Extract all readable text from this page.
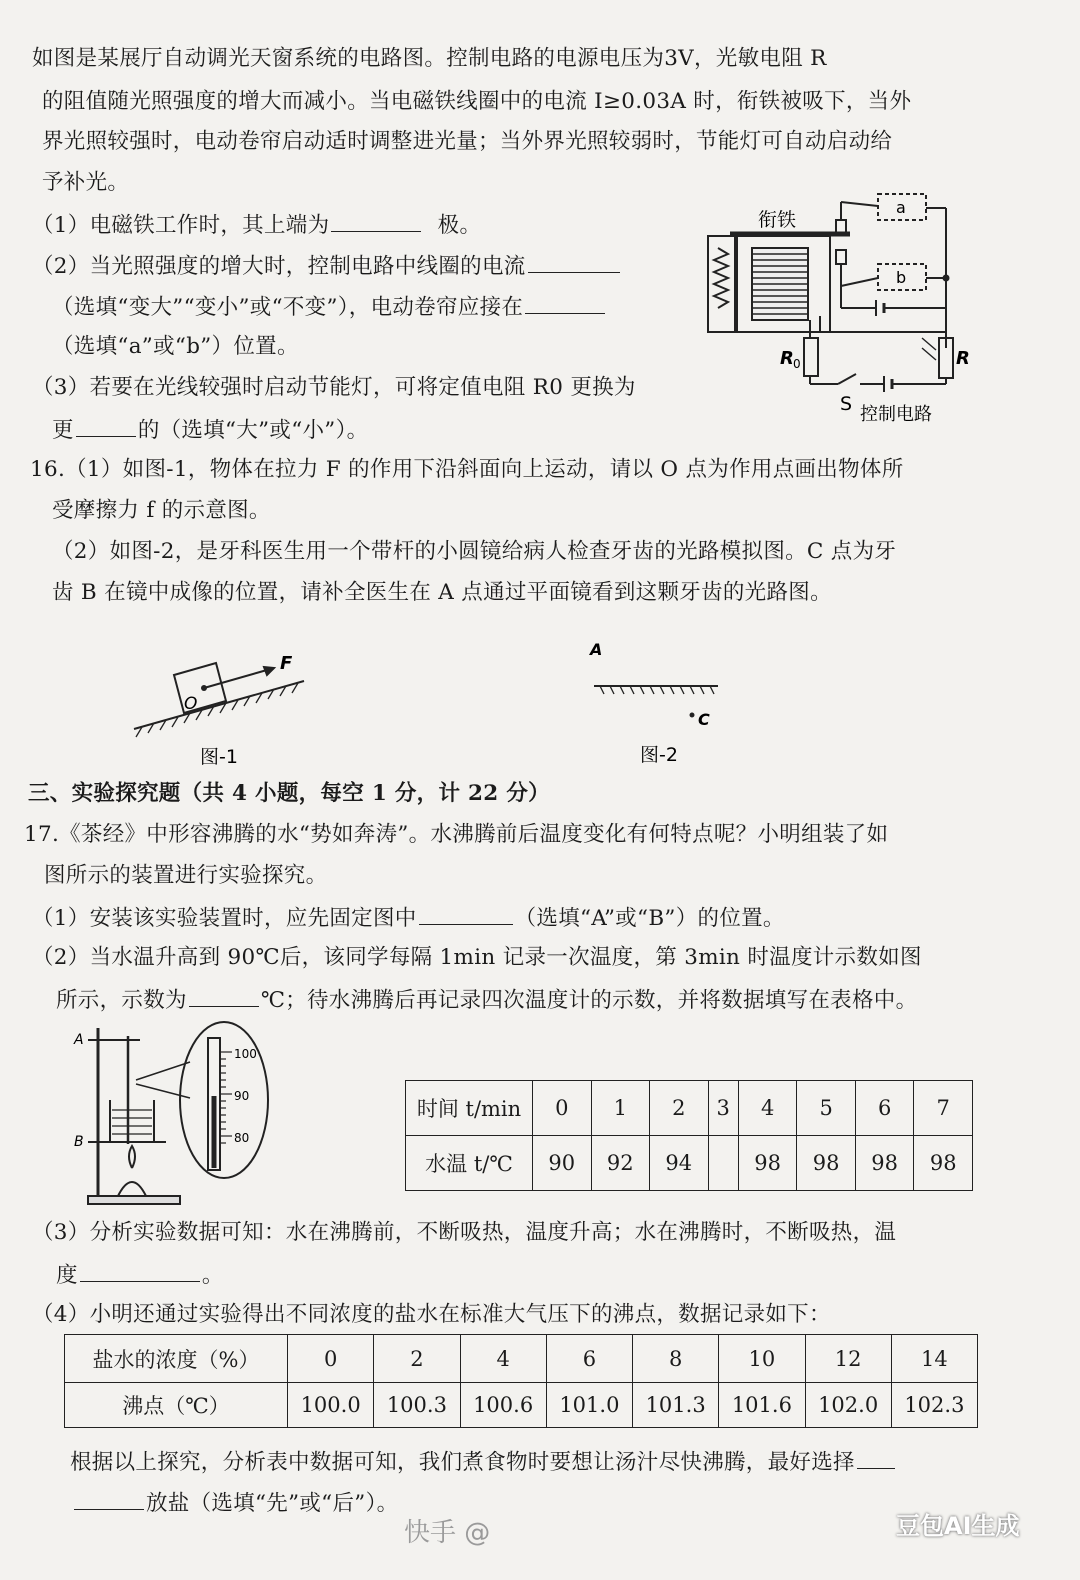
如图是某展厅自动调光天窗系统的电路图。控制电路的电源电压为3V，光敏电阻 R
的阻值随光照强度的增大而减小。当电磁铁线圈中的电流 I≥0.03A 时，衔铁被吸下，当外
界光照较强时，电动卷帘启动适时调整进光量；当外界光照较弱时，节能灯可自动启动给
予补光。
（1）电磁铁工作时，其上端为	极。
（2）当光照强度的增大时，控制电路中线圈的电流
（选填“变大”“变小”或“不变”），电动卷帘应接在
（选填“a”或“b”）位置。
（3）若要在光线较强时启动节能灯，可将定值电阻 R0 更换为
更	的（选填“大”或“小”）。
衔铁
a
b
R 0	R
S 控制电路
16.（1）如图-1，物体在拉力 F 的作用下沿斜面向上运动，请以 O 点为作用点画出物体所
受摩擦力 f 的示意图。
（2）如图-2，是牙科医生用一个带杆的小圆镜给病人检查牙齿的光路模拟图。C 点为牙
齿 B 在镜中成像的位置，请补全医生在 A 点通过平面镜看到这颗牙齿的光路图。
F
O
图-1
A
C
图-2
三、实验探究题（共 4 小题，每空 1 分，计 22 分）
17.《茶经》中形容沸腾的水“势如奔涛”。水沸腾前后温度变化有何特点呢？小明组装了如
图所示的装置进行实验探究。
（1）安装该实验装置时，应先固定图中	（选填“A”或“B”）的位置。
（2）当水温升高到 90℃后，该同学每隔 1min 记录一次温度，第 3min 时温度计示数如图
所示，示数为	℃；待水沸腾后再记录四次温度计的示数，并将数据填写在表格中。
A
B
100
90
80
时间 t/min	0	1	2	3	4	5	6	7
水温 t/℃	90	92	94		98	98	98	98
（3）分析实验数据可知：水在沸腾前，不断吸热，温度升高；水在沸腾时，不断吸热，温
度	。
（4）小明还通过实验得出不同浓度的盐水在标准大气压下的沸点，数据记录如下：
盐水的浓度（%）	0	2	4	6	8	10	12	14
沸点（℃）	100.0	100.3	100.6	101.0	101.3	101.6	102.0	102.3
根据以上探究，分析表中数据可知，我们煮食物时要想让汤汁尽快沸腾，最好选择
放盐（选填“先”或“后”）。
快手 @	豆包AI生成
